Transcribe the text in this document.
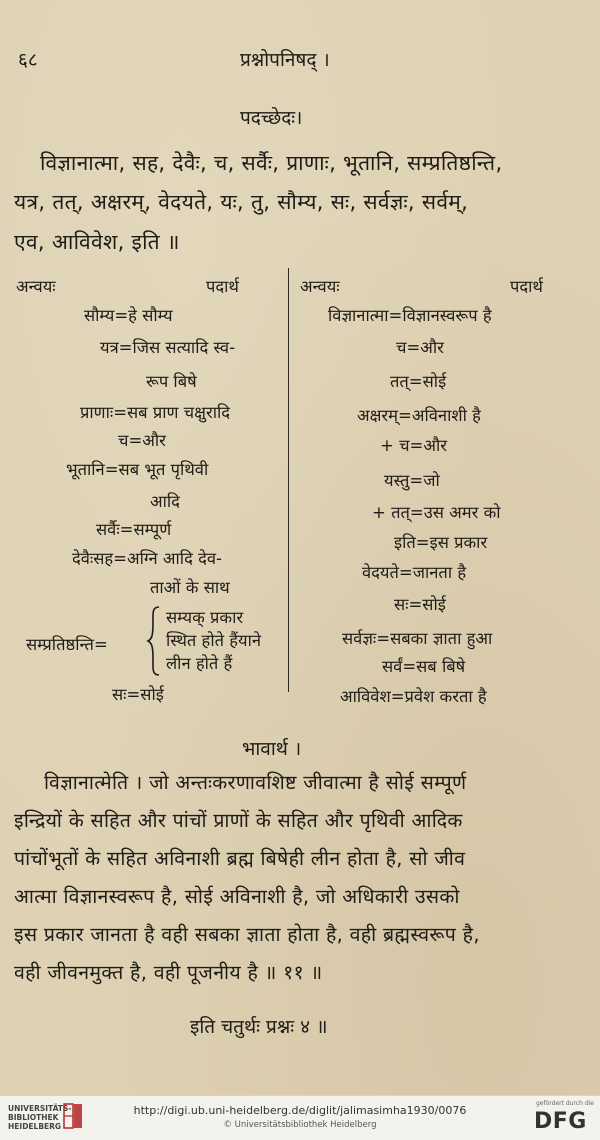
६८	प्रश्नोपनिषद् ।
पदच्छेदः।
विज्ञानात्मा, सह, देवैः, च, सर्वैः, प्राणाः, भूतानि, सम्प्रतिष्ठन्ति,
यत्र, तत्, अक्षरम्, वेदयते, यः, तु, सौम्य, सः, सर्वज्ञः, सर्वम्,
एव, आविवेश, इति ॥
अन्वयः	पदार्थ
सौम्य=हे सौम्य
यत्र=जिस सत्यादि स्व-
रूप बिषे
प्राणाः=सब प्राण चक्षुरादि
च=और
भूतानि=सब भूत पृथिवी
आदि
सर्वैः=सम्पूर्ण
देवैःसह=अग्नि आदि देव-
ताओं के साथ
सम्प्रतिष्ठन्ति=
सम्यक् प्रकार
स्थित होते हैंयाने
लीन होते हैं
सः=सोई
अन्वयः	पदार्थ
विज्ञानात्मा=विज्ञानस्वरूप है
च=और
तत्=सोई
अक्षरम्=अविनाशी है
+ च=और
यस्तु=जो
+ तत्=उस अमर को
इति=इस प्रकार
वेदयते=जानता है
सः=सोई
सर्वज्ञः=सबका ज्ञाता हुआ
सर्वं=सब बिषे
आविवेश=प्रवेश करता है
भावार्थ ।
विज्ञानात्मेति । जो अन्तःकरणावशिष्ट जीवात्मा है सोई सम्पूर्ण
इन्द्रियों के सहित और पांचों प्राणों के सहित और पृथिवी आदिक
पांचोंभूतों के सहित अविनाशी ब्रह्म बिषेही लीन होता है, सो जीव
आत्मा विज्ञानस्वरूप है, सोई अविनाशी है, जो अधिकारी उसको
इस प्रकार जानता है वही सबका ज्ञाता होता है, वही ब्रह्मस्वरूप है,
वही जीवनमुक्त है, वही पूजनीय है ॥ ११ ॥
इति चतुर्थः प्रश्नः ४ ॥
UNIVERSITÄTS-
BIBLIOTHEK
HEIDELBERG
http://digi.ub.uni-heidelberg.de/diglit/jalimasimha1930/0076
© Universitätsbibliothek Heidelberg
gefördert durch die
DFG
